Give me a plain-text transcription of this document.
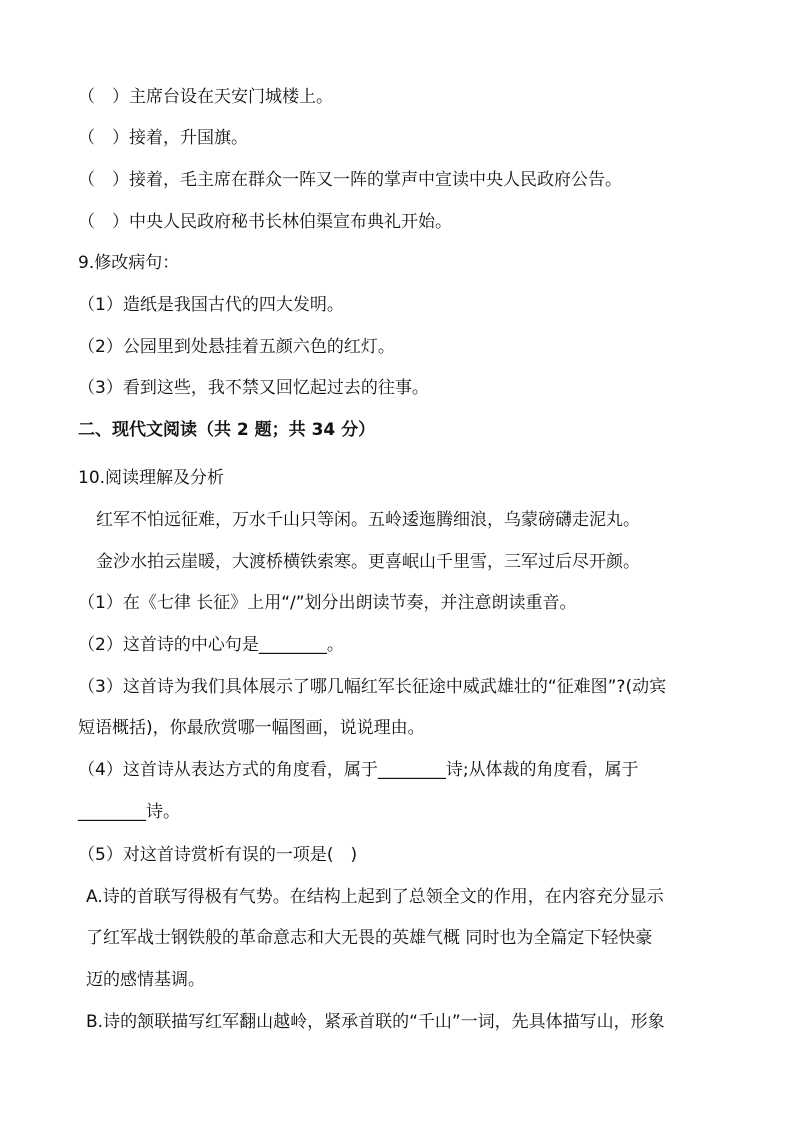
（　）主席台设在天安门城楼上。
（　）接着，升国旗。
（　）接着，毛主席在群众一阵又一阵的掌声中宣读中央人民政府公告。
（　）中央人民政府秘书长林伯渠宣布典礼开始。
9.修改病句：
（1）造纸是我国古代的四大发明。
（2）公园里到处悬挂着五颜六色的红灯。
（3）看到这些，我不禁又回忆起过去的往事。
二、现代文阅读（共 2 题；共 34 分）
10.阅读理解及分析
红军不怕远征难，万水千山只等闲。五岭逶迤腾细浪，乌蒙磅礴走泥丸。
金沙水拍云崖暖，大渡桥横铁索寒。更喜岷山千里雪，三军过后尽开颜。
（1）在《七律 长征》上用“/”划分出朗读节奏，并注意朗读重音。
（2）这首诗的中心句是________。
（3）这首诗为我们具体展示了哪几幅红军长征途中威武雄壮的“征难图”?(动宾
短语概括)，你最欣赏哪一幅图画，说说理由。
（4）这首诗从表达方式的角度看，属于________诗;从体裁的角度看，属于
________诗。
（5）对这首诗赏析有误的一项是(　)
A.诗的首联写得极有气势。在结构上起到了总领全文的作用，在内容充分显示
了红军战士钢铁般的革命意志和大无畏的英雄气概 同时也为全篇定下轻快豪
迈的感情基调。
B.诗的颔联描写红军翻山越岭，紧承首联的“千山”一词，先具体描写山，形象
